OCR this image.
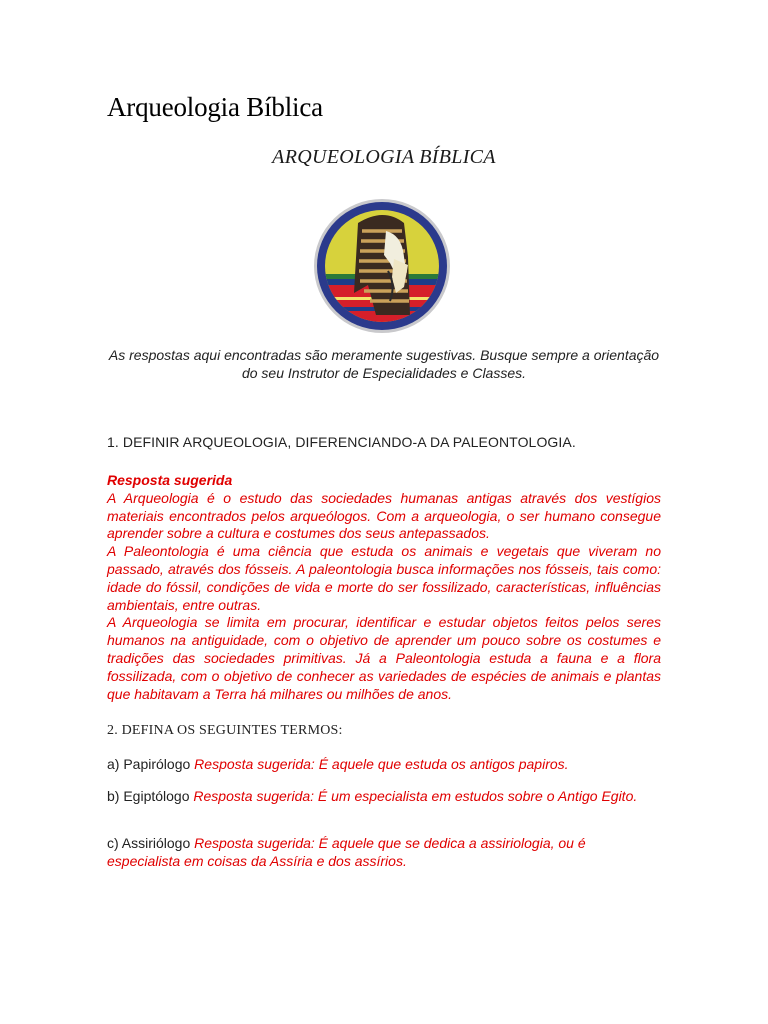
Arqueologia Bíblica
ARQUEOLOGIA BÍBLICA

As respostas aqui encontradas são meramente sugestivas. Busque sempre a orientação do seu Instrutor de Especialidades e Classes.

1. DEFINIR ARQUEOLOGIA, DIFERENCIANDO-A DA PALEONTOLOGIA.

Resposta sugerida

A Arqueologia é o estudo das sociedades humanas antigas através dos vestígios materiais encontrados pelos arqueólogos. Com a arqueologia, o ser humano consegue aprender sobre a cultura e costumes dos seus antepassados.

A Paleontologia é uma ciência que estuda os animais e vegetais que viveram no passado, através dos fósseis. A paleontologia busca informações nos fósseis, tais como: idade do fóssil, condições de vida e morte do ser fossilizado, características, influências ambientais, entre outras.

A Arqueologia se limita em procurar, identificar e estudar objetos feitos pelos seres humanos na antiguidade, com o objetivo de aprender um pouco sobre os costumes e tradições das sociedades primitivas. Já a Paleontologia estuda a fauna e a flora fossilizada, com o objetivo de conhecer as variedades de espécies de animais e plantas que habitavam a Terra há milhares ou milhões de anos.

2. DEFINA OS SEGUINTES TERMOS:

a) Papirólogo Resposta sugerida: É aquele que estuda os antigos papiros.

b) Egiptólogo Resposta sugerida: É um especialista em estudos sobre o Antigo Egito.

c) Assiriólogo Resposta sugerida: É aquele que se dedica a assiriologia, ou é especialista em coisas da Assíria e dos assírios.
